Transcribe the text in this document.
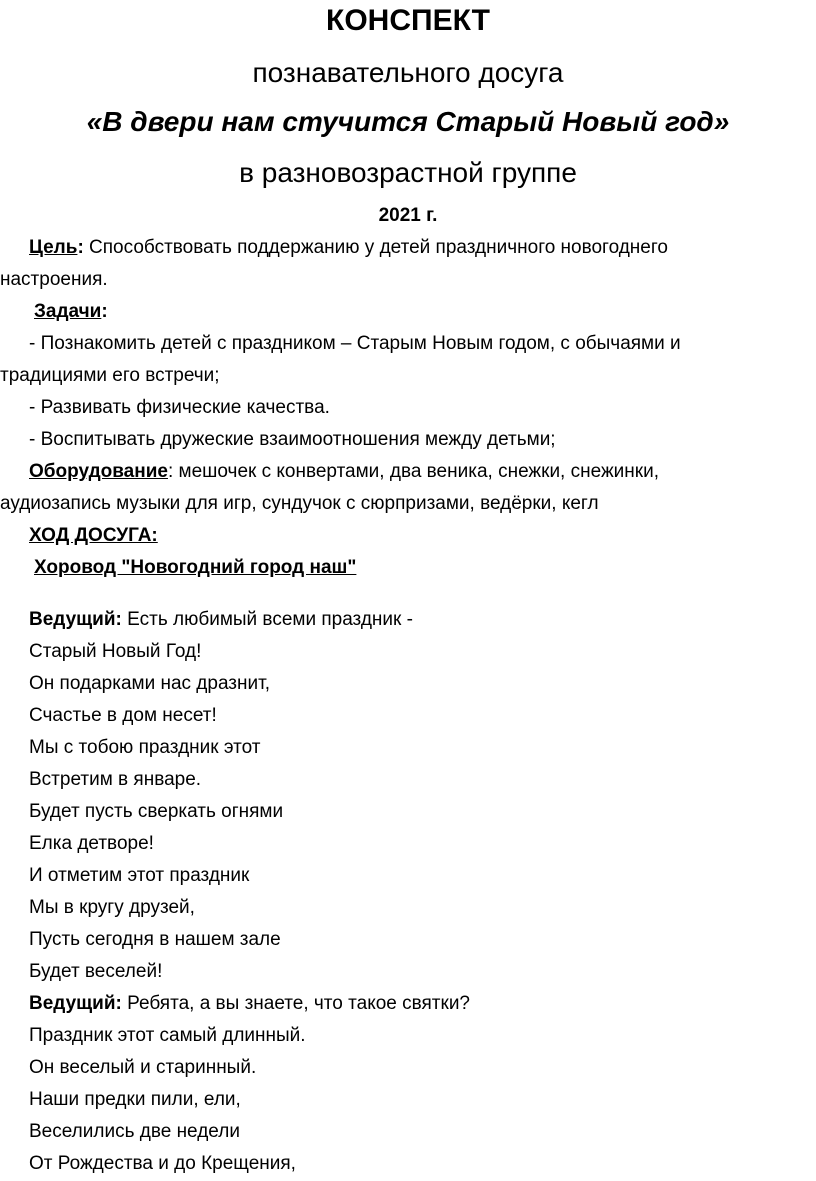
КОНСПЕКТ
познавательного досуга
«В двери нам стучится Старый Новый год»
в разновозрастной группе
2021 г.
Цель: Способствовать поддержанию у детей праздничного новогоднего
настроения.
Задачи:
- Познакомить детей с праздником – Старым Новым годом, с обычаями и
традициями его встречи;
- Развивать физические качества.
- Воспитывать дружеские взаимоотношения между детьми;
Оборудование: мешочек с конвертами, два веника, снежки, снежинки,
аудиозапись музыки для игр, сундучок с сюрпризами, ведёрки, кегл
ХОД ДОСУГА:
Хоровод "Новогодний город наш"
Ведущий: Есть любимый всеми праздник -
Старый Новый Год!
Он подарками нас дразнит,
Счастье в дом несет!
Мы с тобою праздник этот
Встретим в январе.
Будет пусть сверкать огнями
Елка детворе!
И отметим этот праздник
Мы в кругу друзей,
Пусть сегодня в нашем зале
Будет веселей!
Ведущий: Ребята, а вы знаете, что такое святки?
Праздник этот самый длинный.
Он веселый и старинный.
Наши предки пили, ели,
Веселились две недели
От Рождества и до Крещения,
